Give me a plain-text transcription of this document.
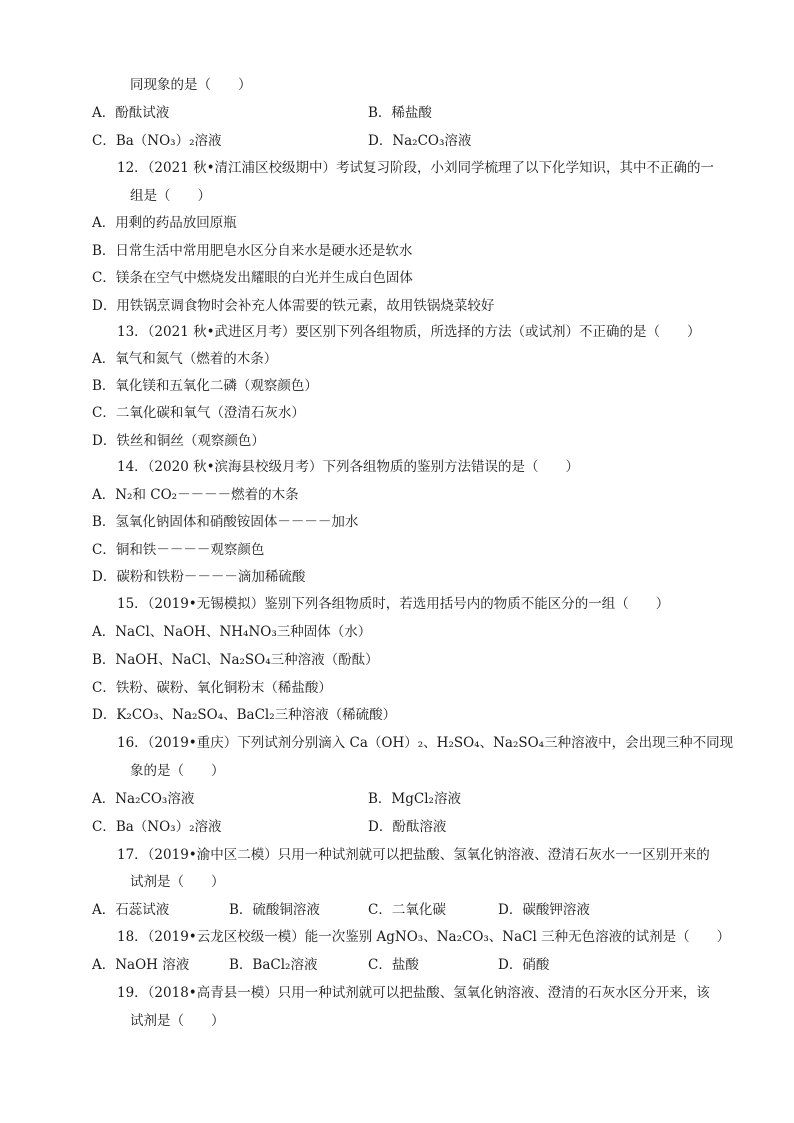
同现象的是（　　）
A．酚酞试液	B．稀盐酸
C．Ba（NO₃）₂溶液	D．Na₂CO₃溶液
12．（2021 秋•清江浦区校级期中）考试复习阶段，小刘同学梳理了以下化学知识，其中不正确的一
组是（　　）
A．用剩的药品放回原瓶
B．日常生活中常用肥皂水区分自来水是硬水还是软水
C．镁条在空气中燃烧发出耀眼的白光并生成白色固体
D．用铁锅烹调食物时会补充人体需要的铁元素，故用铁锅烧菜较好
13．（2021 秋•武进区月考）要区别下列各组物质，所选择的方法（或试剂）不正确的是（　　）
A．氧气和氮气（燃着的木条）
B．氧化镁和五氧化二磷（观察颜色）
C．二氧化碳和氧气（澄清石灰水）
D．铁丝和铜丝（观察颜色）
14．（2020 秋•滨海县校级月考）下列各组物质的鉴别方法错误的是（　　）
A．N₂和 CO₂－－－－燃着的木条
B．氢氧化钠固体和硝酸铵固体－－－－加水
C．铜和铁－－－－观察颜色
D．碳粉和铁粉－－－－滴加稀硫酸
15．（2019•无锡模拟）鉴别下列各组物质时，若选用括号内的物质不能区分的一组（　　）
A．NaCl、NaOH、NH₄NO₃三种固体（水）
B．NaOH、NaCl、Na₂SO₄三种溶液（酚酞）
C．铁粉、碳粉、氧化铜粉末（稀盐酸）
D．K₂CO₃、Na₂SO₄、BaCl₂三种溶液（稀硫酸）
16．（2019•重庆）下列试剂分别滴入 Ca（OH）₂、H₂SO₄、Na₂SO₄三种溶液中，会出现三种不同现
象的是（　　）
A．Na₂CO₃溶液	B．MgCl₂溶液
C．Ba（NO₃）₂溶液	D．酚酞溶液
17．（2019•渝中区二模）只用一种试剂就可以把盐酸、氢氧化钠溶液、澄清石灰水一一区别开来的
试剂是（　　）
A．石蕊试液	B．硫酸铜溶液	C．二氧化碳	D．碳酸钾溶液
18．（2019•云龙区校级一模）能一次鉴别 AgNO₃、Na₂CO₃、NaCl 三种无色溶液的试剂是（　　）
A．NaOH 溶液	B．BaCl₂溶液	C．盐酸	D．硝酸
19．（2018•高青县一模）只用一种试剂就可以把盐酸、氢氧化钠溶液、澄清的石灰水区分开来，该
试剂是（　　）
